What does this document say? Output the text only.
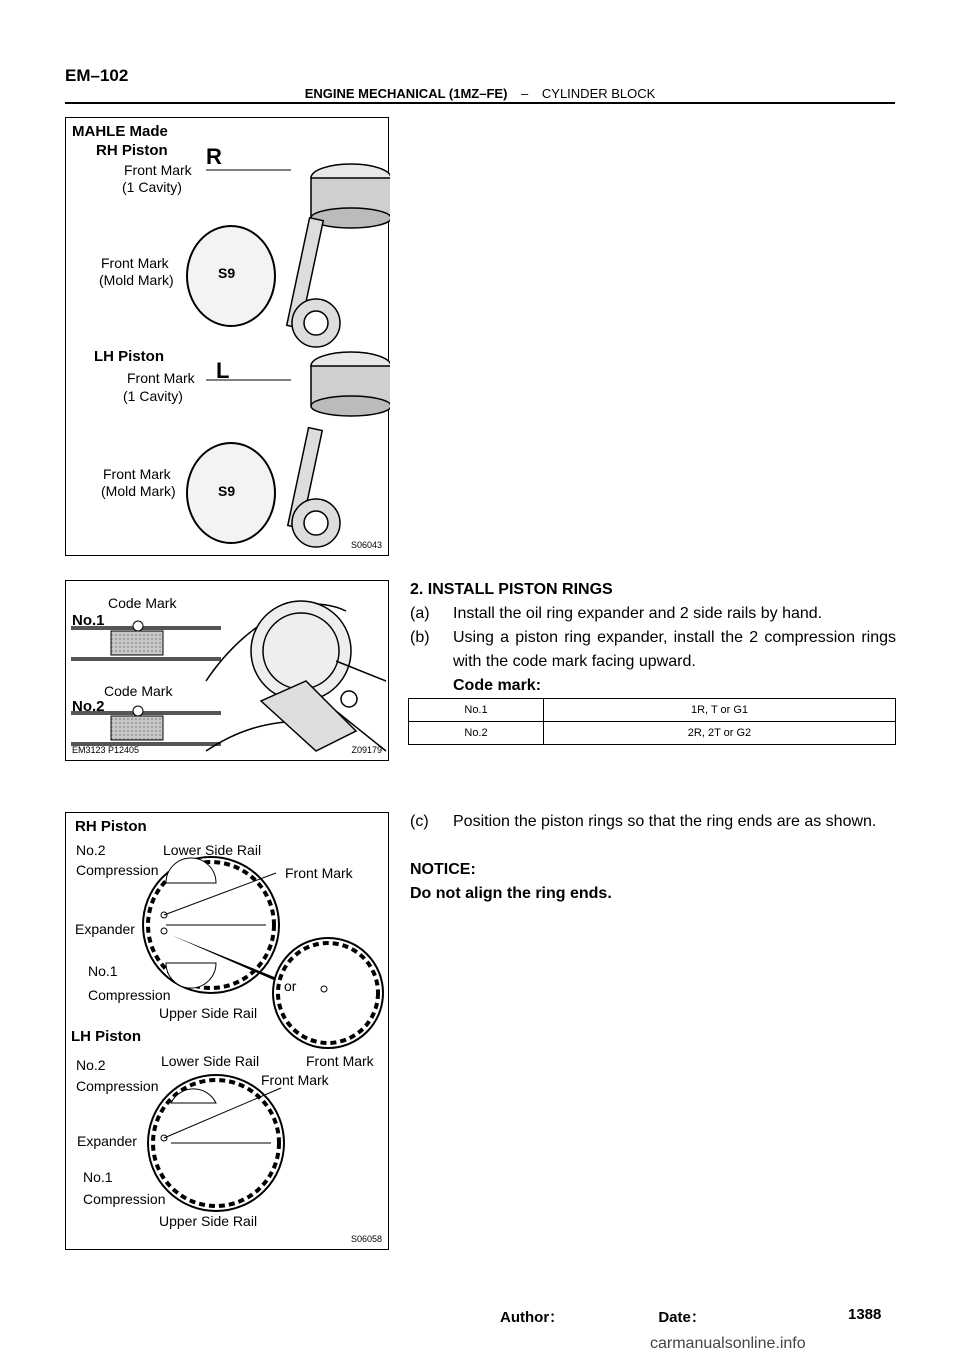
EM–102
ENGINE MECHANICAL (1MZ–FE) – CYLINDER BLOCK
R
S9
L
S9
MAHLE Made
RH Piston
Front Mark
(1 Cavity)
Front Mark
(Mold Mark)
LH Piston
Front Mark
(1 Cavity)
Front Mark
(Mold Mark)
S06043
EM3123 P12405
Code Mark
No.1
Code Mark
No.2
Z09179
RH Piston
No.2
Compression
Lower Side Rail
Front Mark
Expander
No.1
Compression
or
Upper Side Rail
LH Piston
No.2
Compression
Lower Side Rail	Front Mark
Front Mark
Expander
No.1
Compression
Upper Side Rail
S06058
2. INSTALL PISTON RINGS
(a) Install the oil ring expander and 2 side rails by hand.
(b) Using a piston ring expander, install the 2 compression rings with the code mark facing upward.
Code mark:
No.1	1R, T or G1
No.2	2R, 2T or G2
(c) Position the piston rings so that the ring ends are as shown.
NOTICE:
Do not align the ring ends.
Author：	Date：	1388
carmanualsonline.info
